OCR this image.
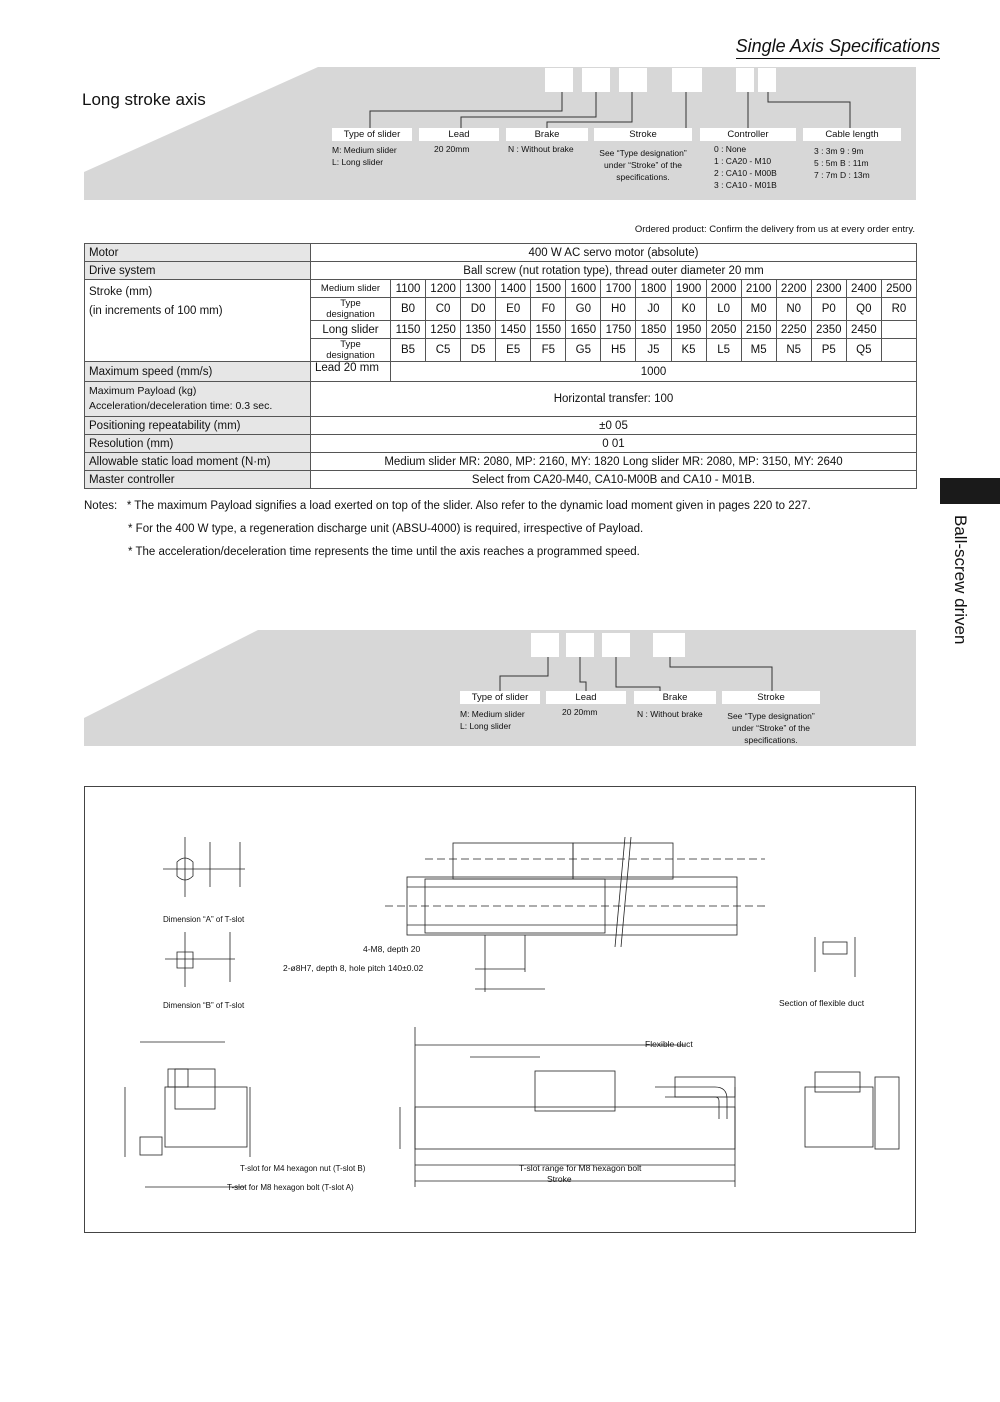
Single Axis Specifications
Long stroke axis
Type of slider	Lead	Brake	Stroke	Controller	Cable length
M: Medium slider
L: Long slider
20 20mm	N : Without brake	See “Type designation”
under “Stroke” of the
specifications.
0 : None
1 : CA20 - M10
2 : CA10 - M00B
3 : CA10 - M01B
3 : 3m 9 : 9m
5 : 5m B : 11m
7 : 7m D : 13m
Ordered product: Confirm the delivery from us at every order entry.
Motor	400 W AC servo motor (absolute)															
Drive system	Ball screw (nut rotation type), thread outer diameter 20 mm															

Stroke (mm)
(in increments of 100 mm)	Medium slider	1100	1200	1300	1400	1500	1600	1700	1800	1900	2000	2100	2200	2300	2400	2500
	Type designation	B0	C0	D0	E0	F0	G0	H0	J0	K0	L0	M0	N0	P0	Q0	R0
	Long slider	1150	1250	1350	1450	1550	1650	1750	1850	1950	2050	2150	2250	2350	2450	
	Type designation	B5	C5	D5	E5	F5	G5	H5	J5	K5	L5	M5	N5	P5	Q5	
Maximum speed (mm/s)	Lead 20 mm	1000														

Maximum Payload (kg)
Acceleration/deceleration time: 0.3 sec.	Horizontal transfer: 100															
Positioning repeatability (mm)	±0 05															
Resolution (mm)	0 01															
Allowable static load moment (N·m)	Medium slider MR: 2080, MP: 2160, MY: 1820 Long slider MR: 2080, MP: 3150, MY: 2640															
Master controller	Select from CA20-M40, CA10-M00B and CA10 - M01B.															
Notes: * The maximum Payload signifies a load exerted on top of the slider. Also refer to the dynamic load moment given in pages 220 to 227.
* For the 400 W type, a regeneration discharge unit (ABSU-4000) is required, irrespective of Payload.
* The acceleration/deceleration time represents the time until the axis reaches a programmed speed.	Ball-screw driven
Type of slider	Lead	Brake	Stroke
M: Medium slider
L: Long slider
20 20mm	N : Without brake	See “Type designation”
under “Stroke” of the
specifications.
Dimension “A” of T-slot
Dimension “B” of T-slot
4-M8, depth 20
2-ø8H7, depth 8, hole pitch 140±0.02
Section of flexible duct
Flexible duct
T-slot for M4 hexagon nut (T-slot B)
T-slot for M8 hexagon bolt (T-slot A)
T-slot range for M8 hexagon bolt
Stroke
